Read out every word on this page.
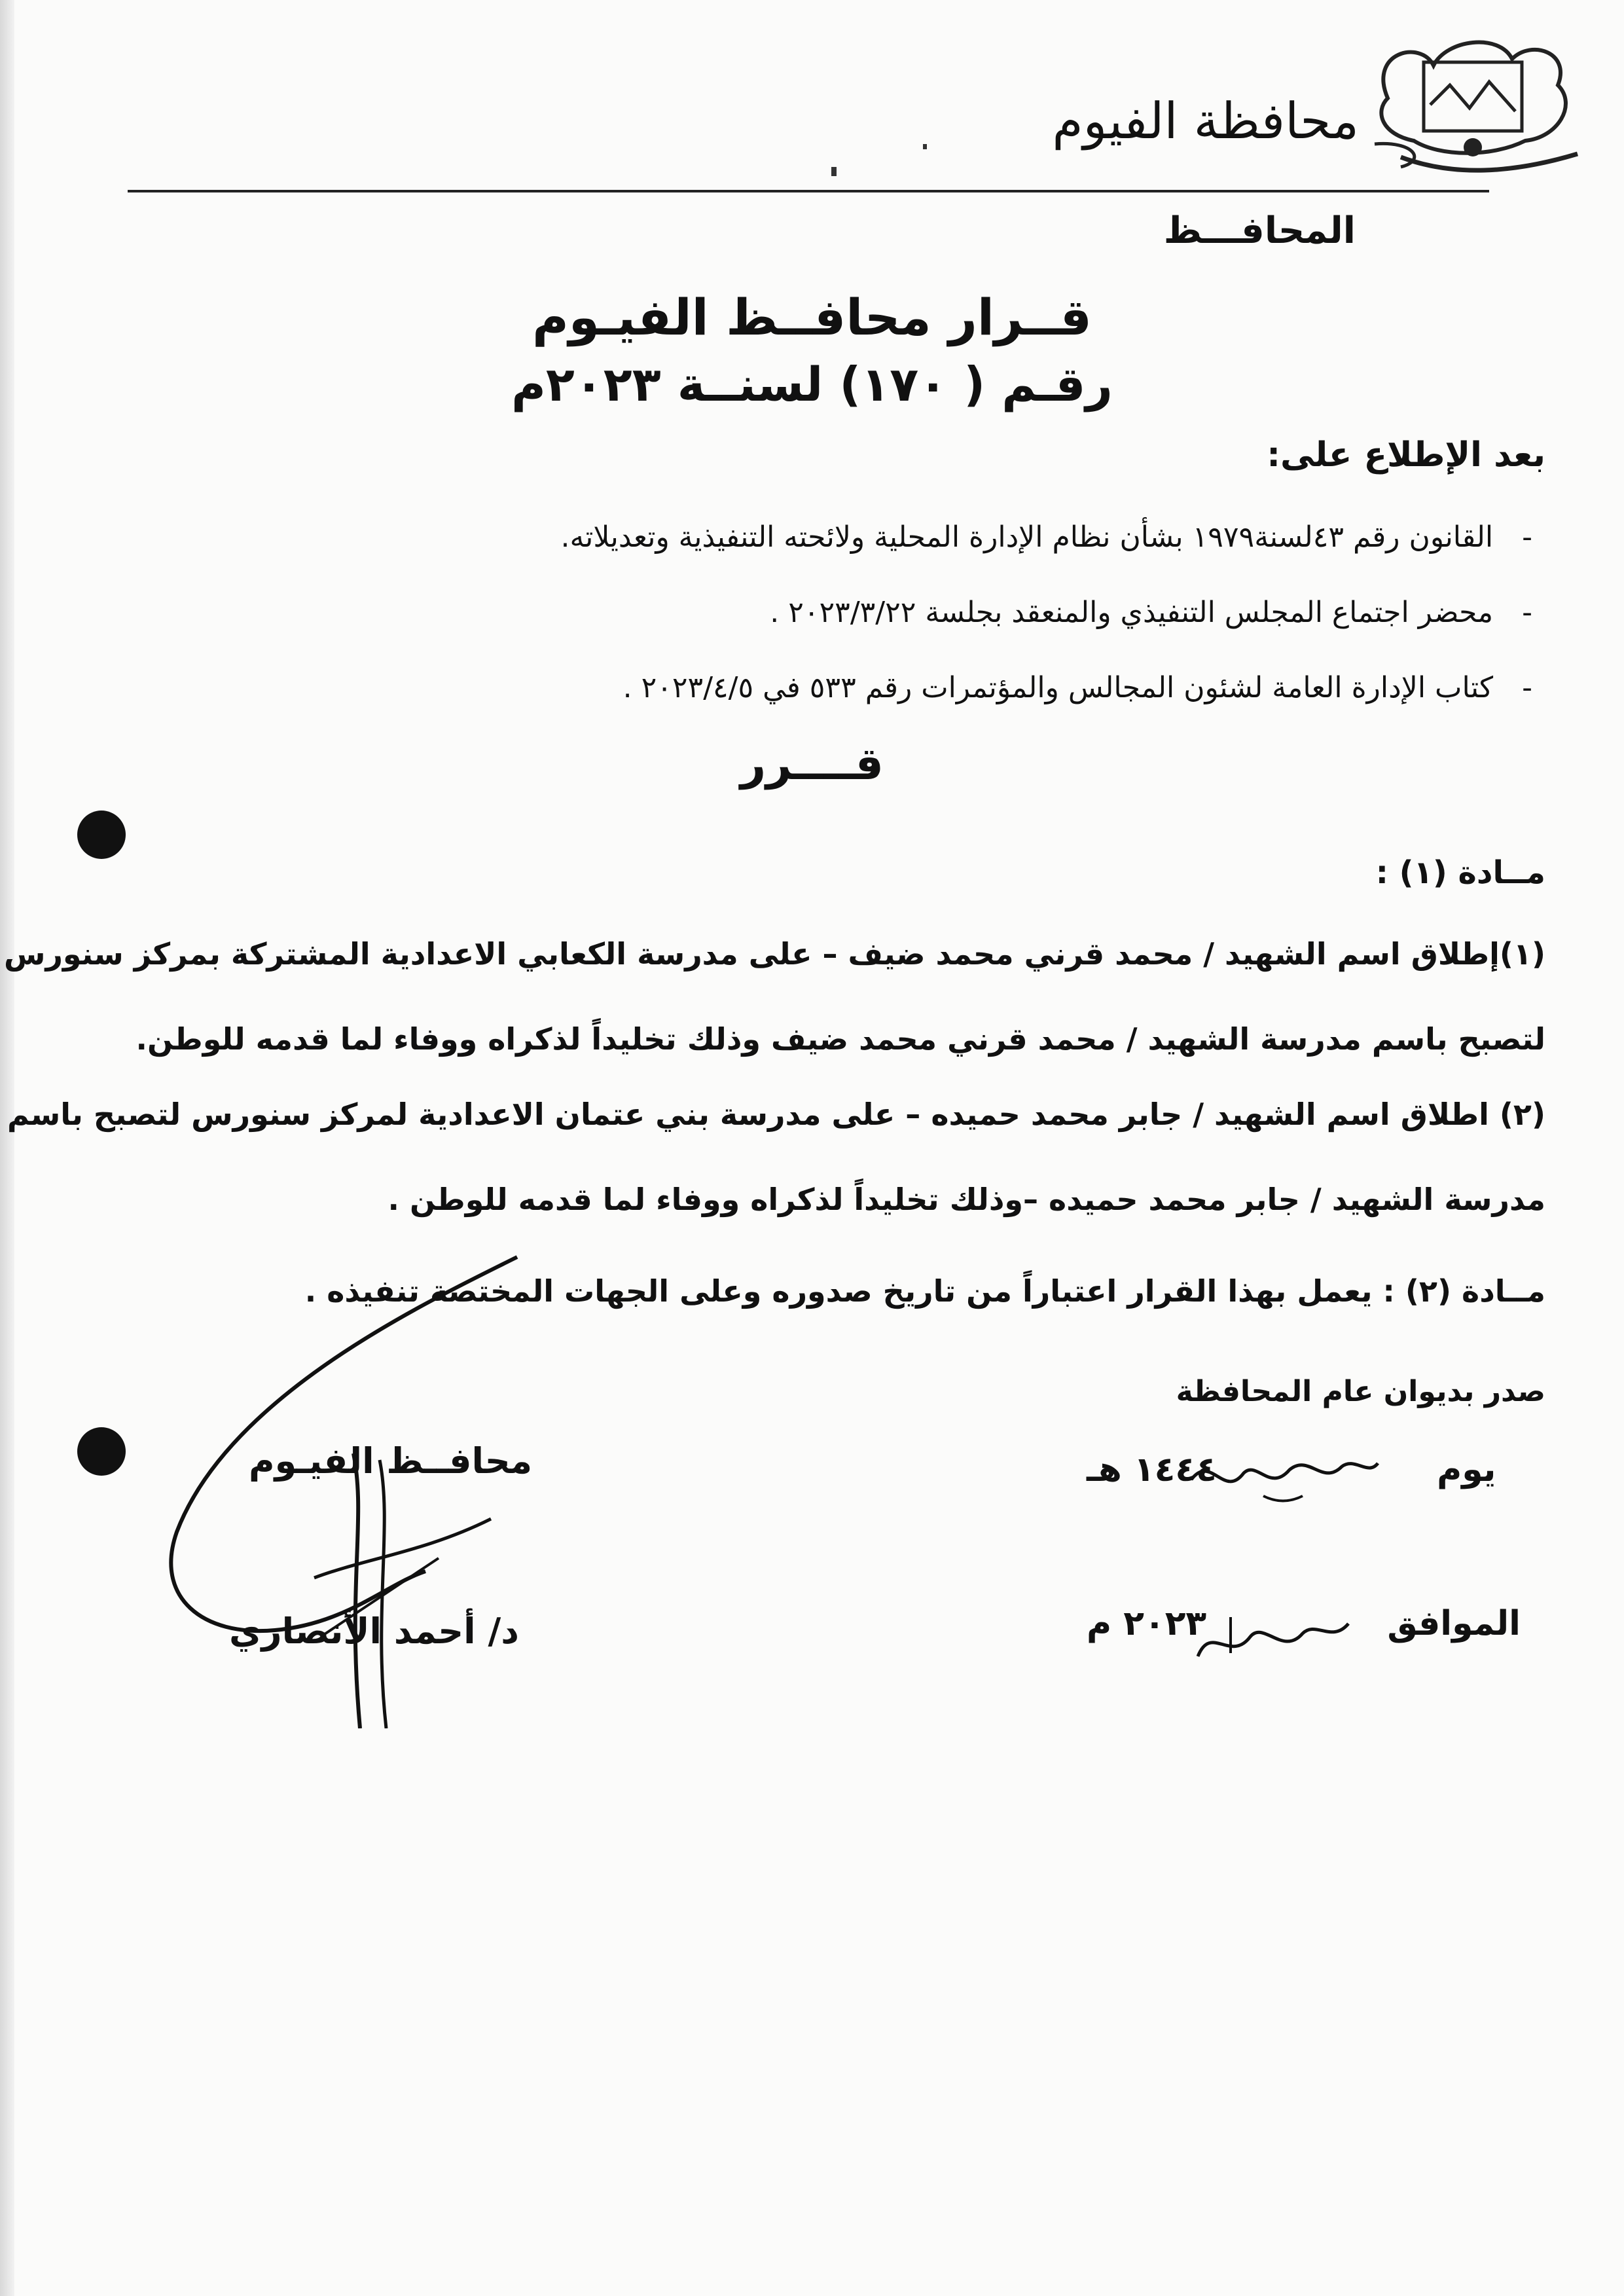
محافظة الفيوم
المحافـــظ
قــرار محافــظ الفيـوم
رقـم ( ١٧٠) لسنــة ٢٠٢٣م
بعد الإطلاع على:
-القانون رقم ٤٣لسنة١٩٧٩ بشأن نظام الإدارة المحلية ولائحته التنفيذية وتعديلاته.
-محضر اجتماع المجلس التنفيذي والمنعقد بجلسة ٢٠٢٣/٣/٢٢ .
-كتاب الإدارة العامة لشئون المجالس والمؤتمرات رقم ٥٣٣ في ٢٠٢٣/٤/٥ .
قــــرر
مــادة (١) :
(١)إطلاق اسم الشهيد / محمد قرني محمد ضيف – على مدرسة الكعابي الاعدادية المشتركة بمركز سنورس
لتصبح باسم مدرسة الشهيد / محمد قرني محمد ضيف وذلك تخليداً لذكراه ووفاء لما قدمه للوطن.
(٢) اطلاق اسم الشهيد / جابر محمد حميده – على مدرسة بني عتمان الاعدادية لمركز سنورس لتصبح باسم
مدرسة الشهيد / جابر محمد حميده –وذلك تخليداً لذكراه ووفاء لما قدمه للوطن .
مــادة (٢) : يعمل بهذا القرار اعتباراً من تاريخ صدوره وعلى الجهات المختصة تنفيذه .
صدر بديوان عام المحافظة
محافــظ الفيـوم
د/ أحمد الأنصاري
يوم  ١٤٤٤ هـ
الموافق  ٢٠٢٣ م
